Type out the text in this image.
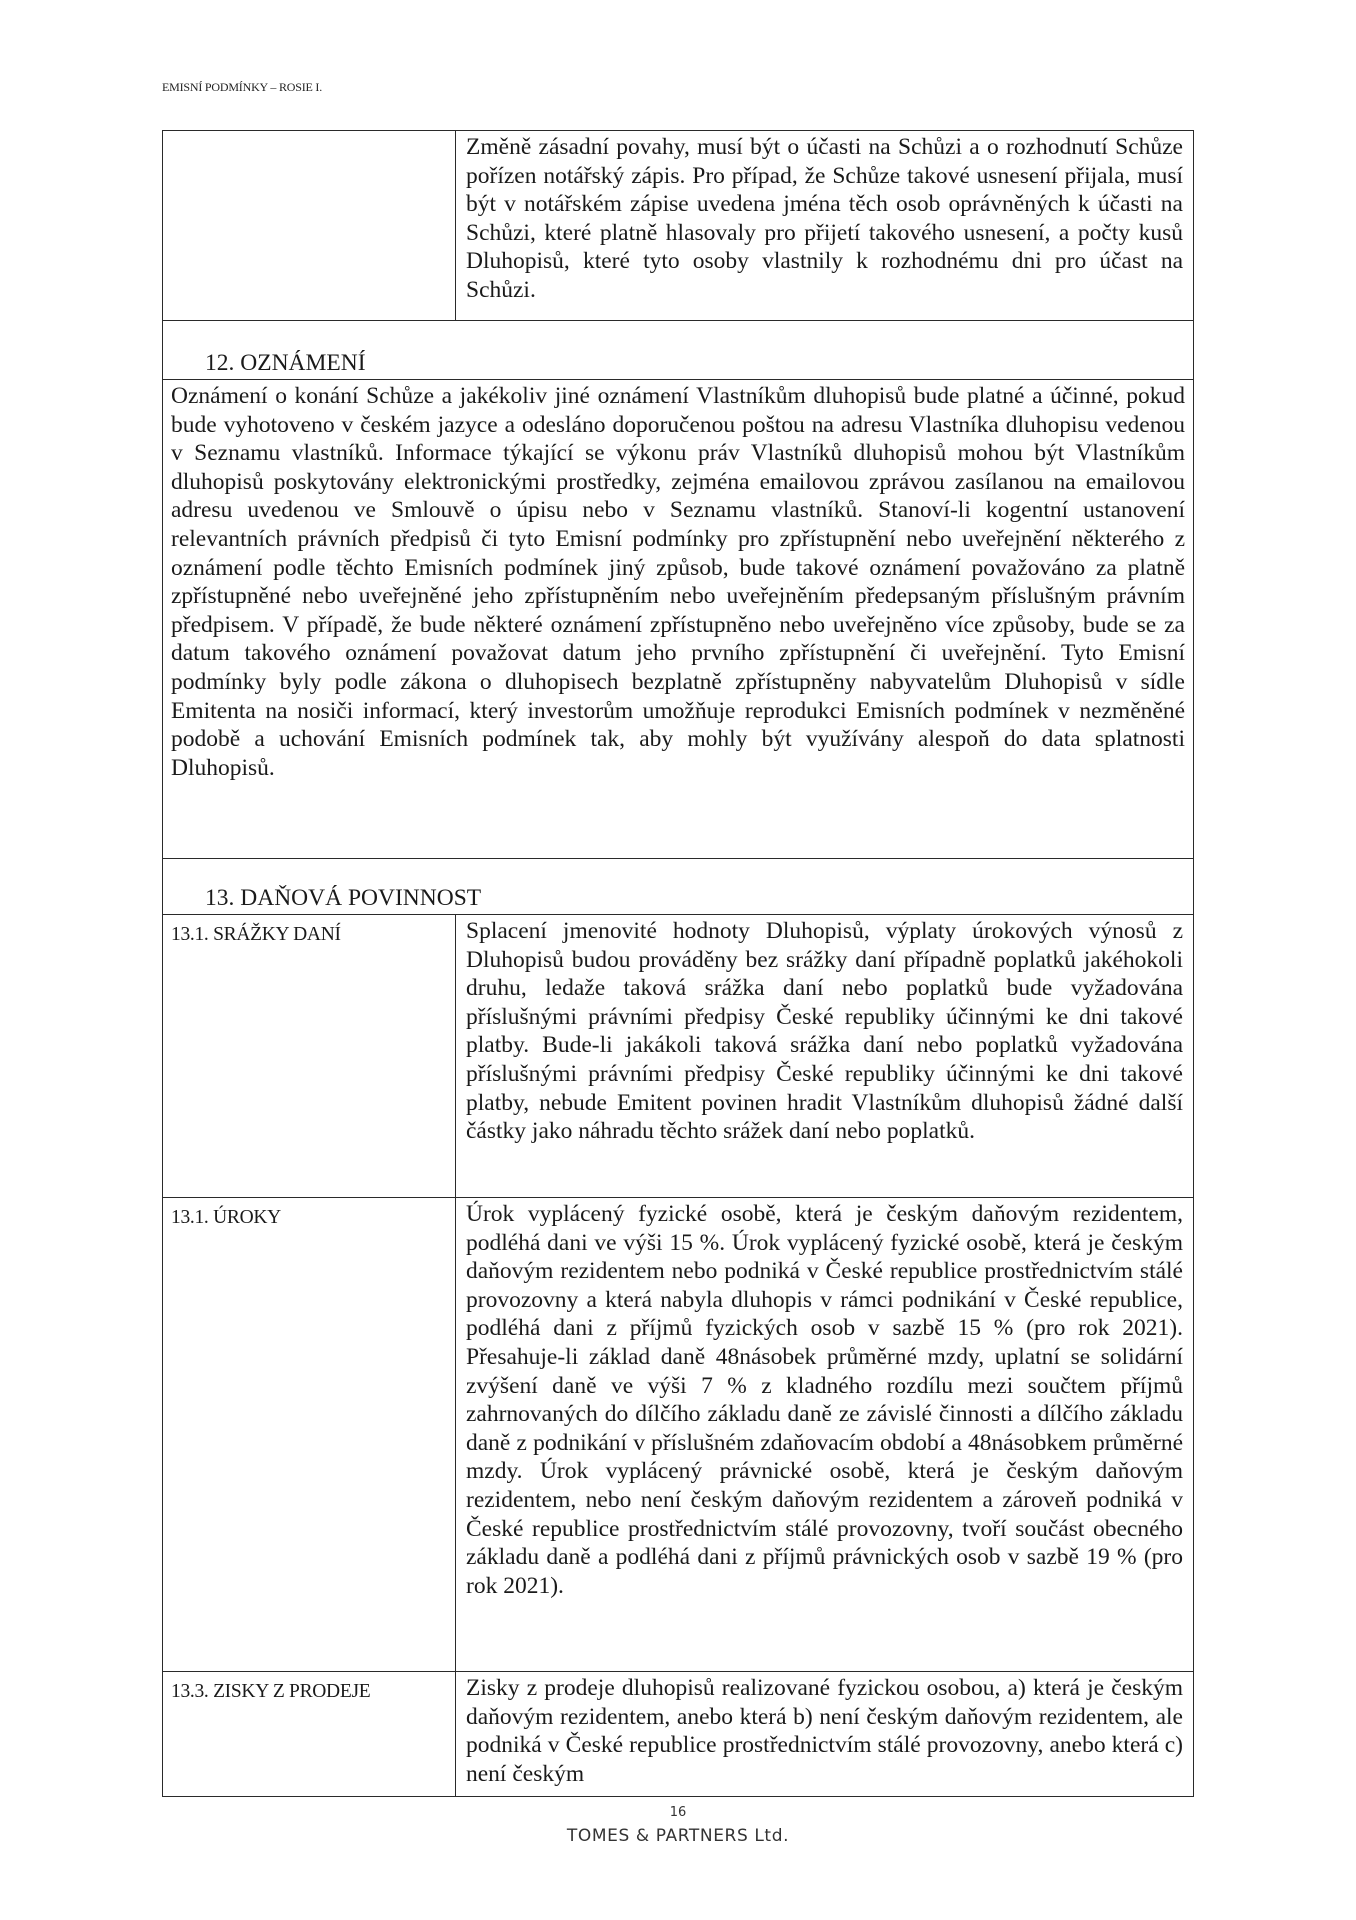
EMISNÍ PODMÍNKY – ROSIE I.

	Změně zásadní povahy, musí být o účasti na Schůzi a o rozhodnutí Schůze pořízen notářský zápis. Pro případ, že Schůze takové usnesení přijala, musí být v notářském zápise uvedena jména těch osob oprávněných k účasti na Schůzi, které platně hlasovaly pro přijetí takového usnesení, a počty kusů Dluhopisů, které tyto osoby vlastnily k rozhodnému dni pro účast na Schůzi.

12. OZNÁMENÍ	

Oznámení o konání Schůze a jakékoliv jiné oznámení Vlastníkům dluhopisů bude platné a účinné, pokud bude vyhotoveno v českém jazyce a odesláno doporučenou poštou na adresu Vlastníka dluhopisu vedenou v Seznamu vlastníků. Informace týkající se výkonu práv Vlastníků dluhopisů mohou být Vlastníkům dluhopisů poskytovány elektronickými prostředky, zejména emailovou zprávou zasílanou na emailovou adresu uvedenou ve Smlouvě o úpisu nebo v Seznamu vlastníků. Stanoví-li kogentní ustanovení relevantních právních předpisů či tyto Emisní podmínky pro zpřístupnění nebo uveřejnění některého z oznámení podle těchto Emisních podmínek jiný způsob, bude takové oznámení považováno za platně zpřístupněné nebo uveřejněné jeho zpřístupněním nebo uveřejněním předepsaným příslušným právním předpisem. V případě, že bude některé oznámení zpřístupněno nebo uveřejněno více způsoby, bude se za datum takového oznámení považovat datum jeho prvního zpřístupnění či uveřejnění. Tyto Emisní podmínky byly podle zákona o dluhopisech bezplatně zpřístupněny nabyvatelům Dluhopisů v sídle Emitenta na nosiči informací, který investorům umožňuje reprodukci Emisních podmínek v nezměněné podobě a uchování Emisních podmínek tak, aby mohly být využívány alespoň do data splatnosti Dluhopisů.	

13. DAŇOVÁ POVINNOST	

13.1. SRÁŽKY DANÍ	Splacení jmenovité hodnoty Dluhopisů, výplaty úrokových výnosů z Dluhopisů budou prováděny bez srážky daní případně poplatků jakéhokoli druhu, ledaže taková srážka daní nebo poplatků bude vyžadována příslušnými právními předpisy České republiky účinnými ke dni takové platby. Bude-li jakákoli taková srážka daní nebo poplatků vyžadována příslušnými právními předpisy České republiky účinnými ke dni takové platby, nebude Emitent povinen hradit Vlastníkům dluhopisů žádné další částky jako náhradu těchto srážek daní nebo poplatků.

13.1. ÚROKY	Úrok vyplácený fyzické osobě, která je českým daňovým rezidentem, podléhá dani ve výši 15 %. Úrok vyplácený fyzické osobě, která je českým daňovým rezidentem nebo podniká v České republice prostřednictvím stálé provozovny a která nabyla dluhopis v rámci podnikání v České republice, podléhá dani z příjmů fyzických osob v sazbě 15 % (pro rok 2021). Přesahuje-li základ daně 48násobek průměrné mzdy, uplatní se solidární zvýšení daně ve výši 7 % z kladného rozdílu mezi součtem příjmů zahrnovaných do dílčího základu daně ze závislé činnosti a dílčího základu daně z podnikání v příslušném zdaňovacím období a 48násobkem průměrné mzdy. Úrok vyplácený právnické osobě, která je českým daňovým rezidentem, nebo není českým daňovým rezidentem a zároveň podniká v České republice prostřednictvím stálé provozovny, tvoří součást obecného základu daně a podléhá dani z příjmů právnických osob v sazbě 19 % (pro rok 2021).

13.3. ZISKY Z PRODEJE	Zisky z prodeje dluhopisů realizované fyzickou osobou, a) která je českým daňovým rezidentem, anebo která b) není českým daňovým rezidentem, ale podniká v České republice prostřednictvím stálé provozovny, anebo která c) není českým
16
TOMES & PARTNERS Ltd.
